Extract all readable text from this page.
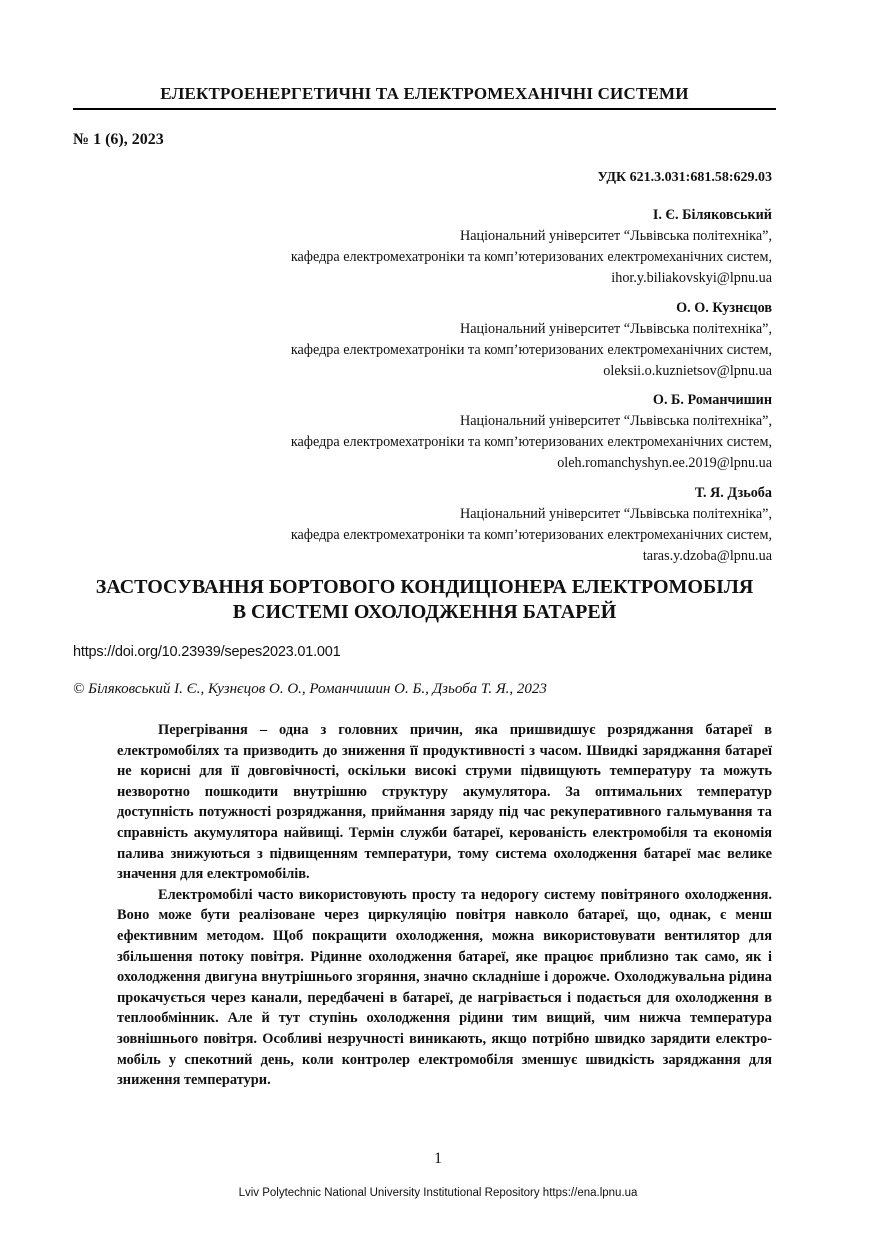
ЕЛЕКТРОЕНЕРГЕТИЧНІ ТА ЕЛЕКТРОМЕХАНІЧНІ СИСТЕМИ
№ 1 (6), 2023
УДК 621.3.031:681.58:629.03
І. Є. Біляковський
Національний університет “Львівська політехніка”,
кафедра електромехатроніки та комп’ютеризованих електромеханічних систем,
ihor.y.biliakovskyi@lpnu.ua
О. О. Кузнєцов
Національний університет “Львівська політехніка”,
кафедра електромехатроніки та комп’ютеризованих електромеханічних систем,
oleksii.o.kuznietsov@lpnu.ua
О. Б. Романчишин
Національний університет “Львівська політехніка”,
кафедра електромехатроніки та комп’ютеризованих електромеханічних систем,
oleh.romanchyshyn.ee.2019@lpnu.ua
Т. Я. Дзьоба
Національний університет “Львівська політехніка”,
кафедра електромехатроніки та комп’ютеризованих електромеханічних систем,
taras.y.dzoba@lpnu.ua
ЗАСТОСУВАННЯ БОРТОВОГО КОНДИЦІОНЕРА ЕЛЕКТРОМОБІЛЯ
В СИСТЕМІ ОХОЛОДЖЕННЯ БАТАРЕЙ
https://doi.org/10.23939/sepes2023.01.001
© Біляковський І. Є., Кузнєцов О. О., Романчишин О. Б., Дзьоба Т. Я., 2023

Перегрівання – одна з головних причин, яка пришвидшує розряджання батареї в електромобілях та призводить до зниження її продуктивності з часом. Швидкі заряджання батареї не корисні для її довговічності, оскільки високі струми підвищують температуру та можуть незворотно пошкодити внутрішню структуру акумулятора. За оптимальних температур доступність потужності розряджання, приймання заряду під час рекуперативного гальмування та справність акумулятора найвищі. Термін служби батареї, керованість електромобіля та економія палива знижуються з підвищенням температури, тому система охолодження батареї має велике значення для електромобілів.

Електромобілі часто використовують просту та недорогу систему повітряного охолодження. Воно може бути реалізоване через циркуляцію повітря навколо батареї, що, однак, є менш ефективним методом. Щоб покращити охолодження, можна використовувати вентилятор для збільшення потоку повітря. Рідинне охолодження батареї, яке працює приблизно так само, як і охолодження двигуна внутрішнього згоряння, значно складніше і дорожче. Охолоджувальна рідина прокачується через канали, передбачені в батареї, де нагрівається і подається для охолодження в теплообмінник. Але й тут ступінь охолодження рідини тим вищий, чим нижча температура зовнішнього повітря. Особливі незручності виникають, якщо потрібно швидко зарядити електромобіль у спекотний день, коли контролер електромобіля зменшує швидкість заряджання для зниження температури.

1
Lviv Polytechnic National University Institutional Repository https://ena.lpnu.ua
